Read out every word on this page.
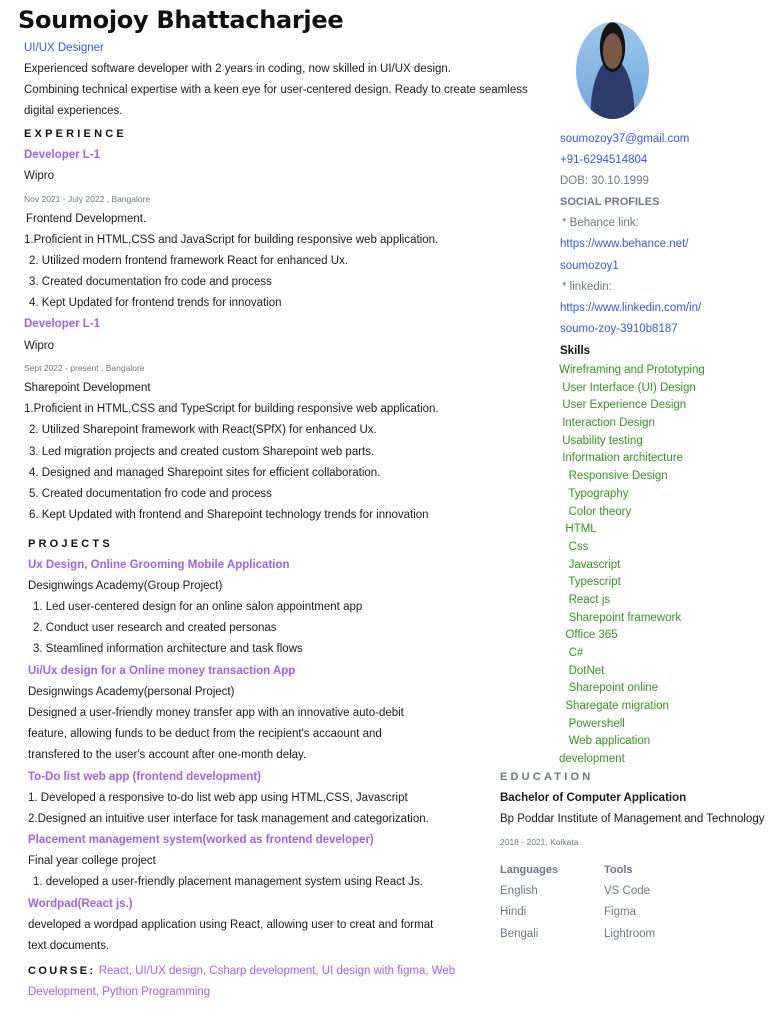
Soumojoy Bhattacharjee
UI/UX Designer
Experienced software developer with 2 years in coding, now skilled in UI/UX design.
Combining technical expertise with a keen eye for user-centered design. Ready to create seamless
digital experiences.
EXPERIENCE
Developer L-1
Wipro
Nov 2021 - July 2022 , Bangalore
Frontend Development.
1.Proficient in HTML,CSS and JavaScript for building responsive web application.
2. Utilized modern frontend framework React for enhanced Ux.
3. Created documentation fro code and process
4. Kept Updated for frontend trends for innovation
Developer L-1
Wipro
Sept 2022 - present , Bangalore
Sharepoint Development
1.Proficient in HTML,CSS and TypeScript for building responsive web application.
2. Utilized Sharepoint framework with React(SPfX) for enhanced Ux.
3. Led migration projects and created custom Sharepoint web parts.
4. Designed and managed Sharepoint sites for efficient collaboration.
5. Created documentation fro code and process
6. Kept Updated with frontend and Sharepoint technology trends for innovation
PROJECTS
Ux Design, Online Grooming Mobile Application
Designwings Academy(Group Project)
1. Led user-centered design for an online salon appointment app
2. Conduct user research and created personas
3. Steamlined information architecture and task flows
Ui/Ux design for a Online money transaction App
Designwings Academy(personal Project)
Designed a user-friendly money transfer app with an innovative auto-debit
feature, allowing funds to be deduct from the recipient's accaount and
transfered to the user's account after one-month delay.
To-Do list web app (frontend development)
1. Developed a responsive to-do list web app using HTML,CSS, Javascript
2.Designed an intuitive user interface for task management and categorization.
Placement management system(worked as frontend developer)
Final year college project
1. developed a user-friendly placement management system using React Js.
Wordpad(React js.)
developed a wordpad application using React, allowing user to creat and format
text documents.
COURSE: React, UI/UX design, Csharp development, UI design with figma, Web
Development, Python Programming
soumozoy37@gmail.com
+91-6294514804
DOB: 30.10.1999
SOCIAL PROFILES
* Behance link:
https://www.behance.net/
soumozoy1
* linkedin:
https://www.linkedin.com/in/
soumo-zoy-3910b8187
Skills
Wireframing and Prototyping
User Interface (UI) Design
User Experience Design
Interaction Design
Usability testing
Information architecture
Responsive Design
Typography
Color theory
HTML
Css
Javascript
Typescript
React js
Sharepoint framework
Office 365
C#
DotNet
Sharepoint online
Sharegate migration
Powershell
Web application
development
EDUCATION
Bachelor of Computer Application
Bp Poddar Institute of Management and Technology
2018 - 2021, Kolkata
Languages
English
Hindi
Bengali
Tools
VS Code
Figma
Lightroom
